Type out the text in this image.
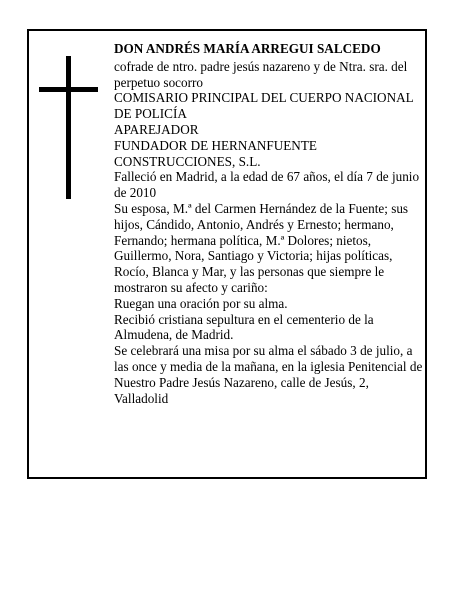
DON ANDRÉS MARÍA ARREGUI SALCEDO

cofrade de ntro. padre jesús nazareno y de Ntra. sra. del perpetuo socorro

COMISARIO PRINCIPAL DEL CUERPO NACIONAL DE POLICÍA

APAREJADOR

FUNDADOR DE HERNANFUENTE CONSTRUCCIONES, S.L.

Falleció en Madrid, a la edad de 67 años, el día 7 de junio de 2010

Su esposa, M.ª del Carmen Hernández de la Fuente; sus hijos, Cándido, Antonio, Andrés y Ernesto; hermano, Fernando; hermana política, M.ª Dolores; nietos, Guillermo, Nora, Santiago y Victoria; hijas políticas, Rocío, Blanca y Mar, y las personas que siempre le mostraron su afecto y cariño:

Ruegan una oración por su alma.

Recibió cristiana sepultura en el cementerio de la Almudena, de Madrid.

Se celebrará una misa por su alma el sábado 3 de julio, a las once y media de la mañana, en la iglesia Penitencial de Nuestro Padre Jesús Nazareno, calle de Jesús, 2, Valladolid
